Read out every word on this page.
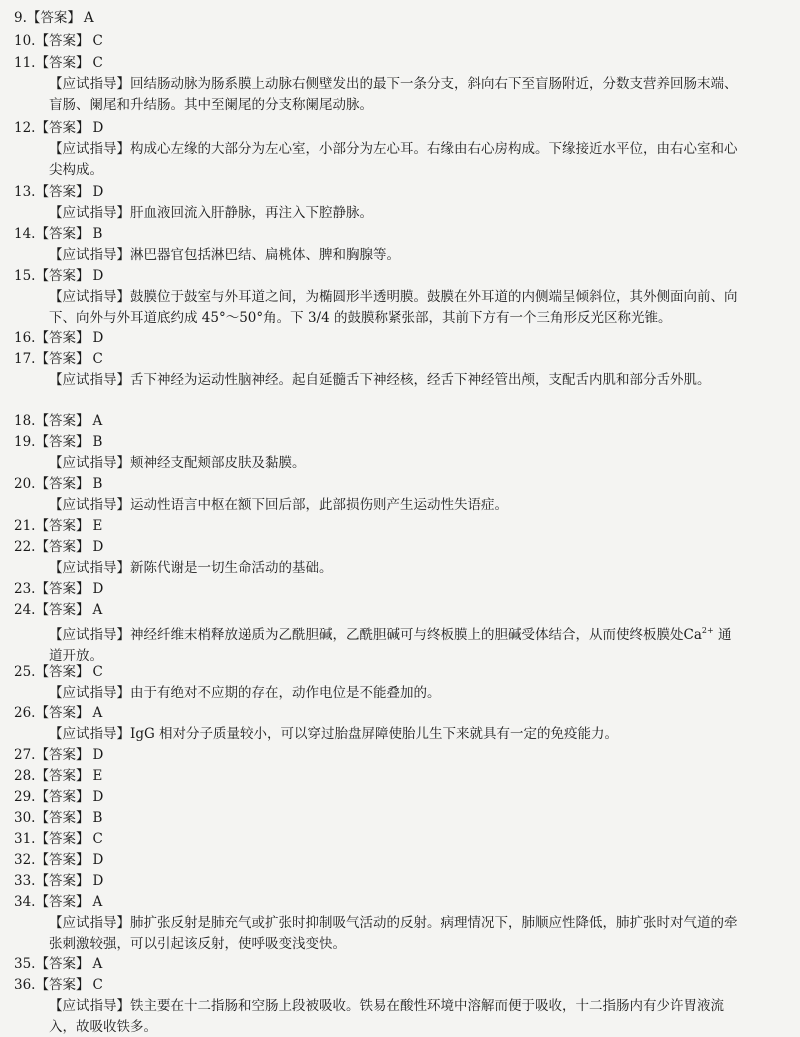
9.【答案】 A
10.【答案】 C
11.【答案】 C
【应试指导】回结肠动脉为肠系膜上动脉右侧壁发出的最下一条分支，斜向右下至盲肠附近，分数支营养回肠末端、盲肠、阑尾和升结肠。其中至阑尾的分支称阑尾动脉。
12.【答案】 D
【应试指导】构成心左缘的大部分为左心室，小部分为左心耳。右缘由右心房构成。下缘接近水平位，由右心室和心尖构成。
13.【答案】 D
【应试指导】肝血液回流入肝静脉，再注入下腔静脉。
14.【答案】 B
【应试指导】淋巴器官包括淋巴结、扁桃体、脾和胸腺等。
15.【答案】 D
【应试指导】鼓膜位于鼓室与外耳道之间，为椭圆形半透明膜。鼓膜在外耳道的内侧端呈倾斜位，其外侧面向前、向下、向外与外耳道底约成 45°～50°角。下 3/4 的鼓膜称紧张部，其前下方有一个三角形反光区称光锥。
16.【答案】 D
17.【答案】 C
【应试指导】舌下神经为运动性脑神经。起自延髓舌下神经核，经舌下神经管出颅，支配舌内肌和部分舌外肌。
18.【答案】 A
19.【答案】 B
【应试指导】颊神经支配颊部皮肤及黏膜。
20.【答案】 B
【应试指导】运动性语言中枢在额下回后部，此部损伤则产生运动性失语症。
21.【答案】 E
22.【答案】 D
【应试指导】新陈代谢是一切生命活动的基础。
23.【答案】 D
24.【答案】 A
【应试指导】神经纤维末梢释放递质为乙酰胆碱，乙酰胆碱可与终板膜上的胆碱受体结合，从而使终板膜处$Ca^{2+}$ 通道开放。
25.【答案】 C
【应试指导】由于有绝对不应期的存在，动作电位是不能叠加的。
26.【答案】 A
【应试指导】IgG 相对分子质量较小，可以穿过胎盘屏障使胎儿生下来就具有一定的免疫能力。
27.【答案】 D
28.【答案】 E
29.【答案】 D
30.【答案】 B
31.【答案】 C
32.【答案】 D
33.【答案】 D
34.【答案】 A
【应试指导】肺扩张反射是肺充气或扩张时抑制吸气活动的反射。病理情况下，肺顺应性降低，肺扩张时对气道的牵张刺激较强，可以引起该反射，使呼吸变浅变快。
35.【答案】 A
36.【答案】 C
【应试指导】铁主要在十二指肠和空肠上段被吸收。铁易在酸性环境中溶解而便于吸收，十二指肠内有少许胃液流入，故吸收铁多。
